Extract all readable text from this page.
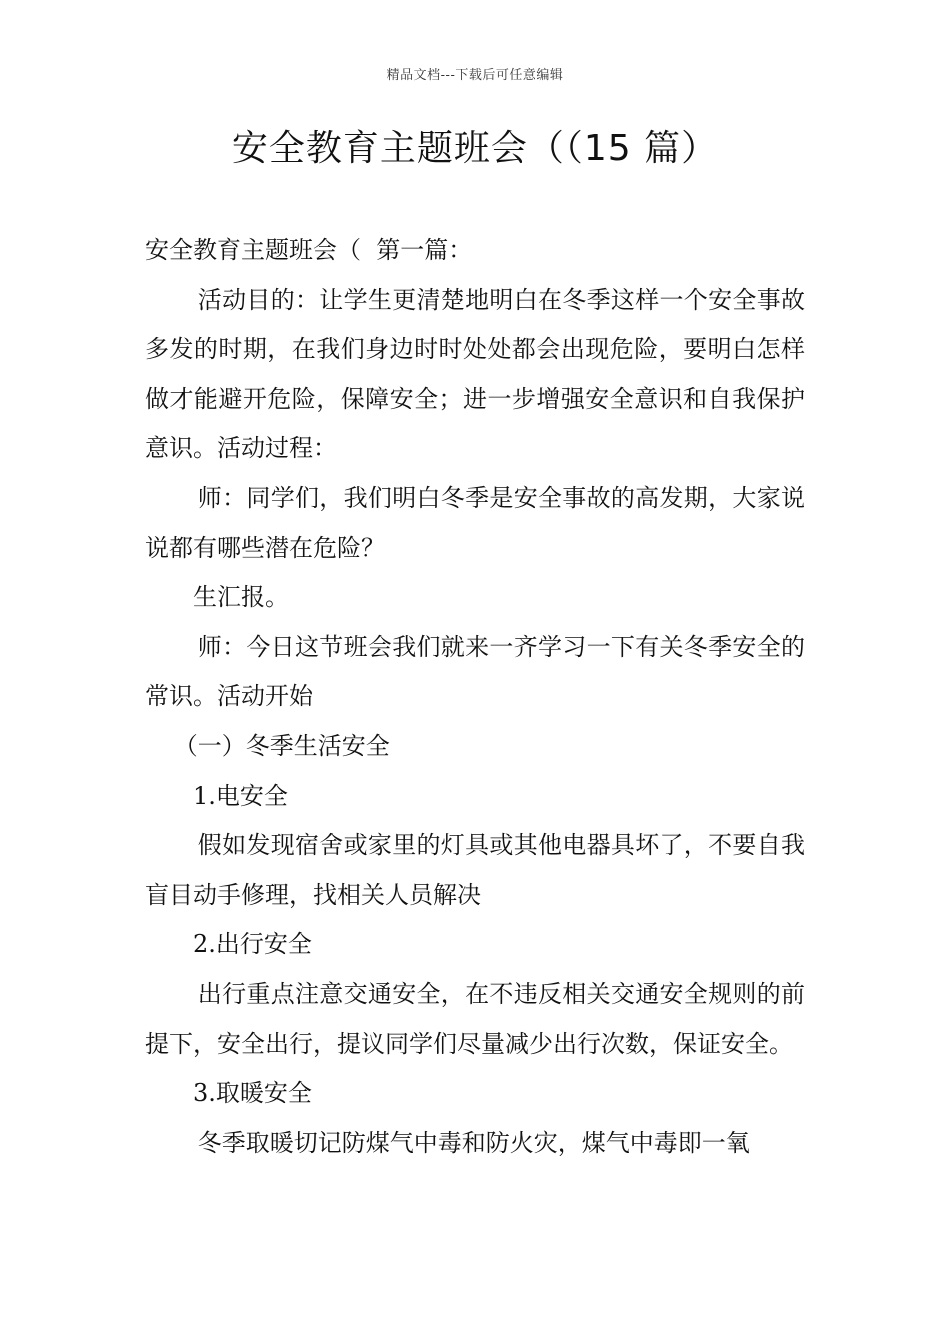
精品文档---下载后可任意编辑
安全教育主题班会（（15 篇）

安全教育主题班会（  第一篇：

活动目的：让学生更清楚地明白在冬季这样一个安全事故多发的时期，在我们身边时时处处都会出现危险，要明白怎样做才能避开危险，保障安全；进一步增强安全意识和自我保护意识。活动过程：

师：同学们，我们明白冬季是安全事故的高发期，大家说说都有哪些潜在危险？

生汇报。

师：今日这节班会我们就来一齐学习一下有关冬季安全的常识。活动开始

（一）冬季生活安全

1.电安全

假如发现宿舍或家里的灯具或其他电器具坏了，不要自我盲目动手修理，找相关人员解决

2.出行安全

出行重点注意交通安全，在不违反相关交通安全规则的前提下，安全出行，提议同学们尽量减少出行次数，保证安全。

3.取暖安全

冬季取暖切记防煤气中毒和防火灾，煤气中毒即一氧
